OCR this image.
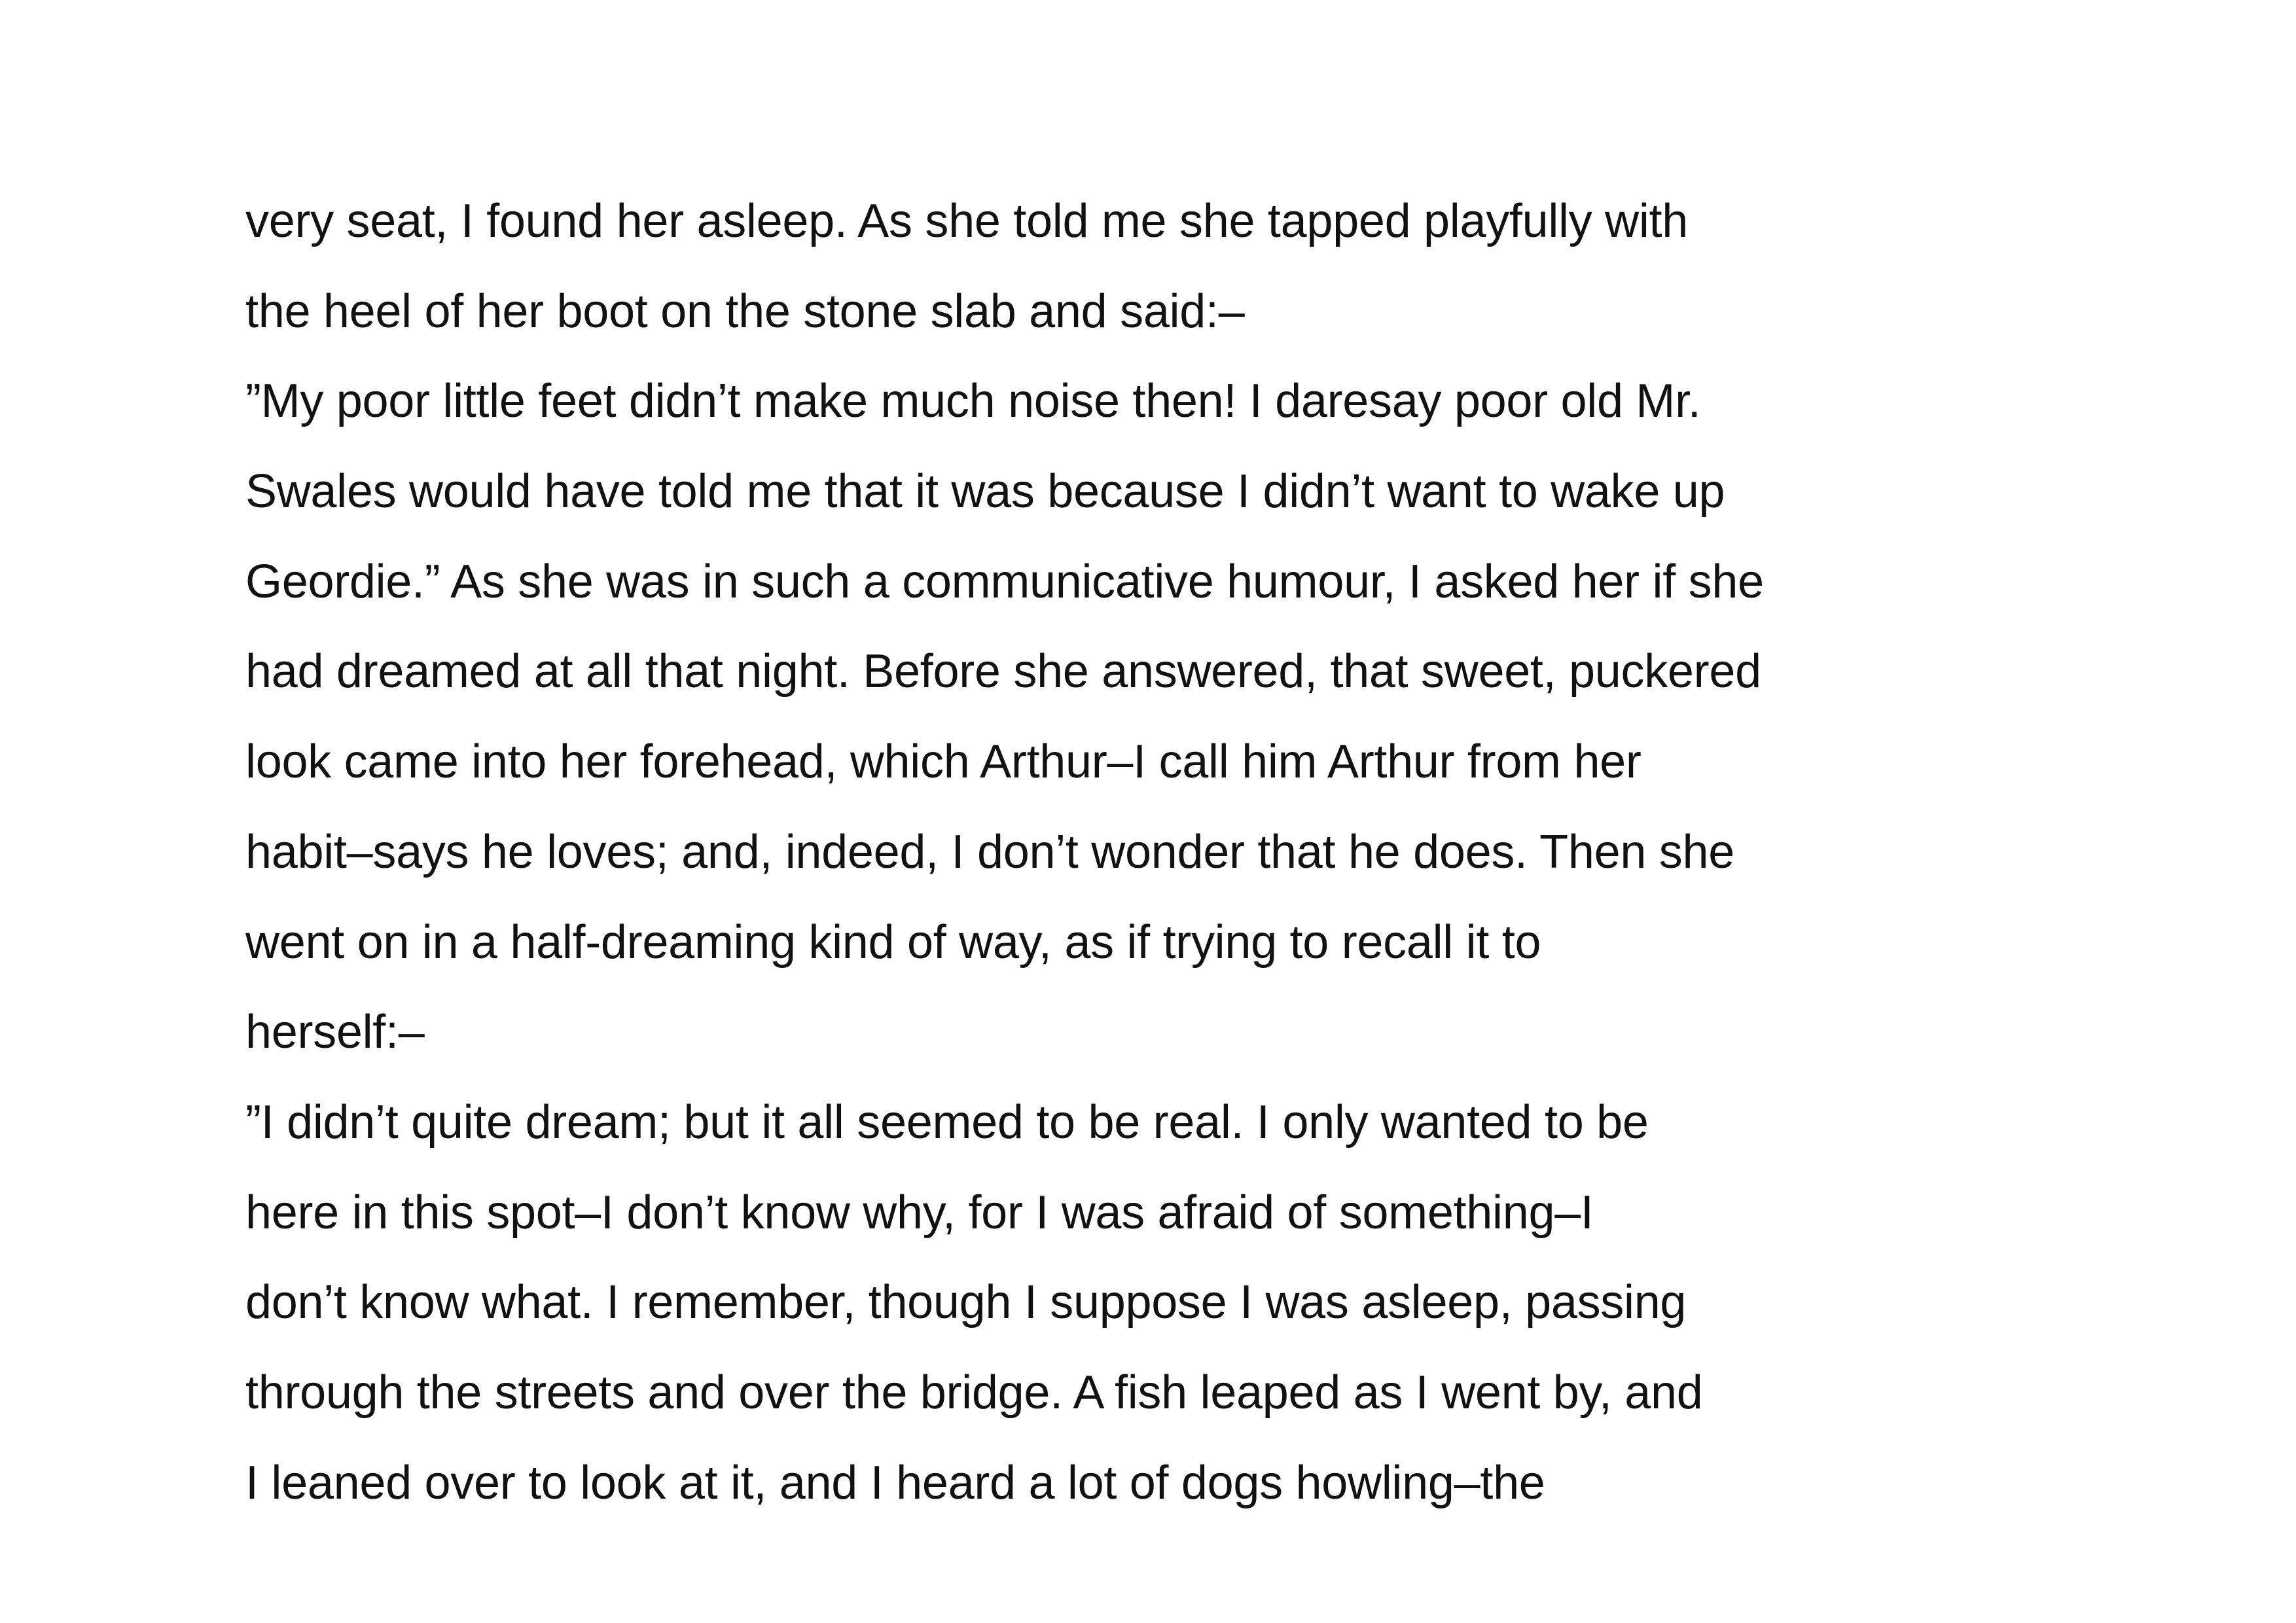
very seat, I found her asleep. As she told me she tapped playfully with
the heel of her boot on the stone slab and said:–
”My poor little feet didn’t make much noise then! I daresay poor old Mr.
Swales would have told me that it was because I didn’t want to wake up
Geordie.” As she was in such a communicative humour, I asked her if she
had dreamed at all that night. Before she answered, that sweet, puckered
look came into her forehead, which Arthur–I call him Arthur from her
habit–says he loves; and, indeed, I don’t wonder that he does. Then she
went on in a half-dreaming kind of way, as if trying to recall it to
herself:–
”I didn’t quite dream; but it all seemed to be real. I only wanted to be
here in this spot–I don’t know why, for I was afraid of something–I
don’t know what. I remember, though I suppose I was asleep, passing
through the streets and over the bridge. A fish leaped as I went by, and
I leaned over to look at it, and I heard a lot of dogs howling–the
